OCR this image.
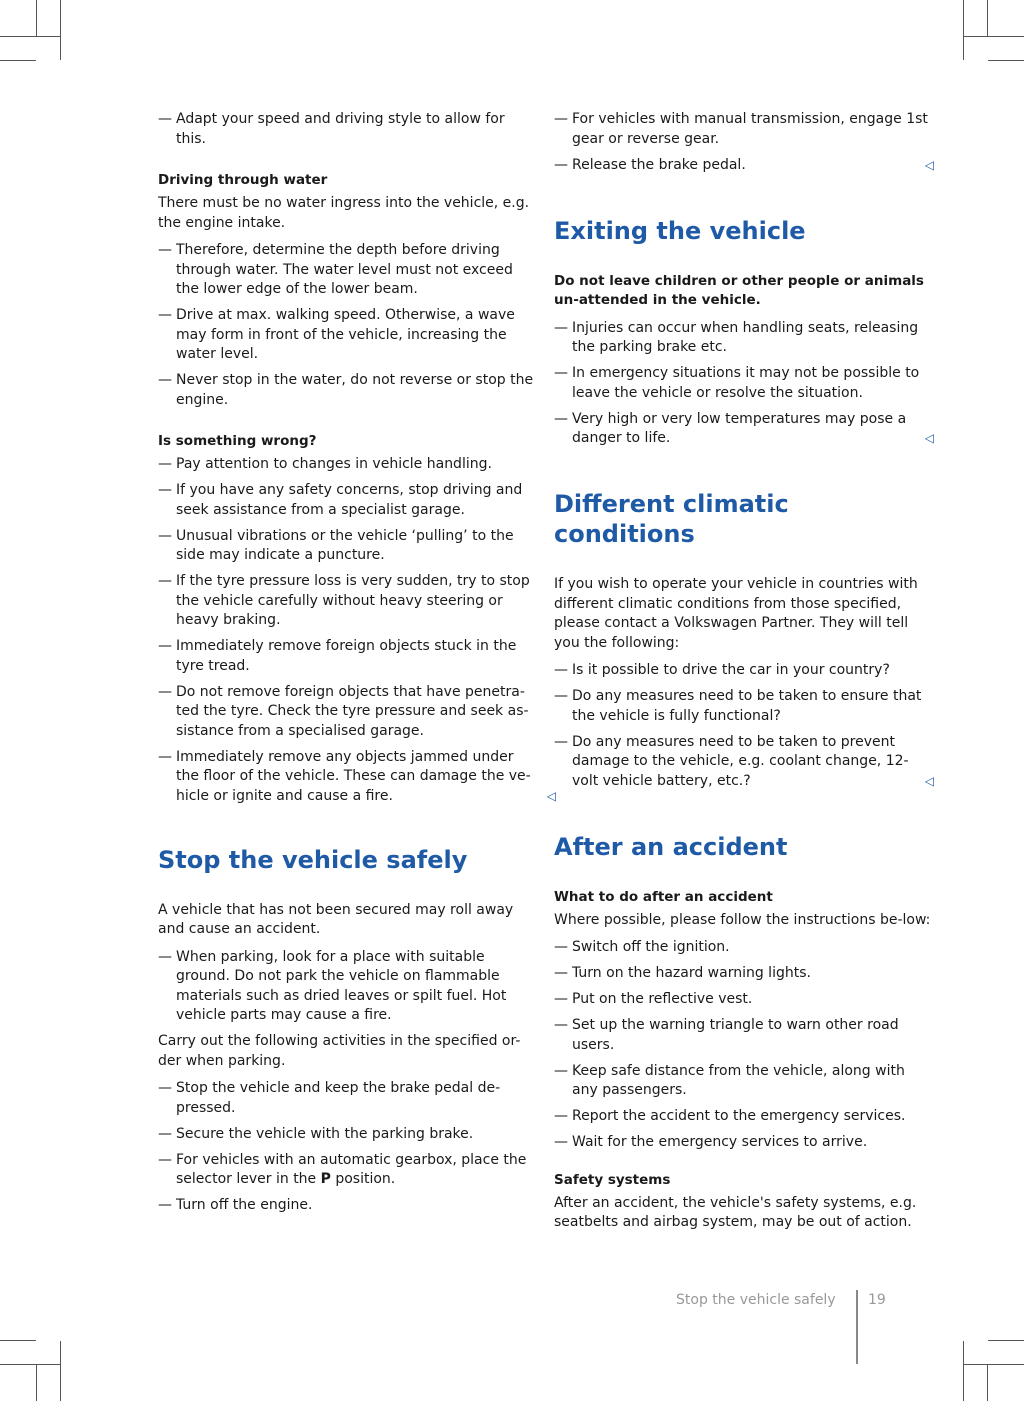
— Adapt your speed and driving style to allow for this.
Driving through water

There must be no water ingress into the vehicle, e.g. the engine intake.

— Therefore, determine the depth before driving through water. The water level must not exceed the lower edge of the lower beam.
— Drive at max. walking speed. Otherwise, a wave may form in front of the vehicle, increasing the water level.
— Never stop in the water, do not reverse or stop the engine.
Is something wrong?
— Pay attention to changes in vehicle handling.
— If you have any safety concerns, stop driving and seek assistance from a specialist garage.
— Unusual vibrations or the vehicle ‘pulling’ to the side may indicate a puncture.
— If the tyre pressure loss is very sudden, try to stop the vehicle carefully without heavy steering or heavy braking.
— Immediately remove foreign objects stuck in the tyre tread.
— Do not remove foreign objects that have penetra-ted the tyre. Check the tyre pressure and seek as-sistance from a specialised garage.
— Immediately remove any objects jammed under the floor of the vehicle. These can damage the ve-hicle or ignite and cause a fire.	◁
Stop the vehicle safely

A vehicle that has not been secured may roll away and cause an accident.

— When parking, look for a place with suitable ground. Do not park the vehicle on flammable materials such as dried leaves or spilt fuel. Hot vehicle parts may cause a fire.

Carry out the following activities in the specified or-der when parking.

— Stop the vehicle and keep the brake pedal de-pressed.
— Secure the vehicle with the parking brake.
— For vehicles with an automatic gearbox, place the selector lever in the P position.
— Turn off the engine.
— For vehicles with manual transmission, engage 1st gear or reverse gear.
— Release the brake pedal.	◁
Exiting the vehicle

Do not leave children or other people or animals un-attended in the vehicle.

— Injuries can occur when handling seats, releasing the parking brake etc.
— In emergency situations it may not be possible to leave the vehicle or resolve the situation.
— Very high or very low temperatures may pose a danger to life.	◁
Different climatic conditions

If you wish to operate your vehicle in countries with different climatic conditions from those specified, please contact a Volkswagen Partner. They will tell you the following:

— Is it possible to drive the car in your country?
— Do any measures need to be taken to ensure that the vehicle is fully functional?
— Do any measures need to be taken to prevent damage to the vehicle, e.g. coolant change, 12-volt vehicle battery, etc.?	◁
After an accident
What to do after an accident

Where possible, please follow the instructions be-low:

— Switch off the ignition.
— Turn on the hazard warning lights.
— Put on the reflective vest.
— Set up the warning triangle to warn other road users.
— Keep safe distance from the vehicle, along with any passengers.
— Report the accident to the emergency services.
— Wait for the emergency services to arrive.
Safety systems

After an accident, the vehicle's safety systems, e.g. seatbelts and airbag system, may be out of action.

Stop the vehicle safely 19
